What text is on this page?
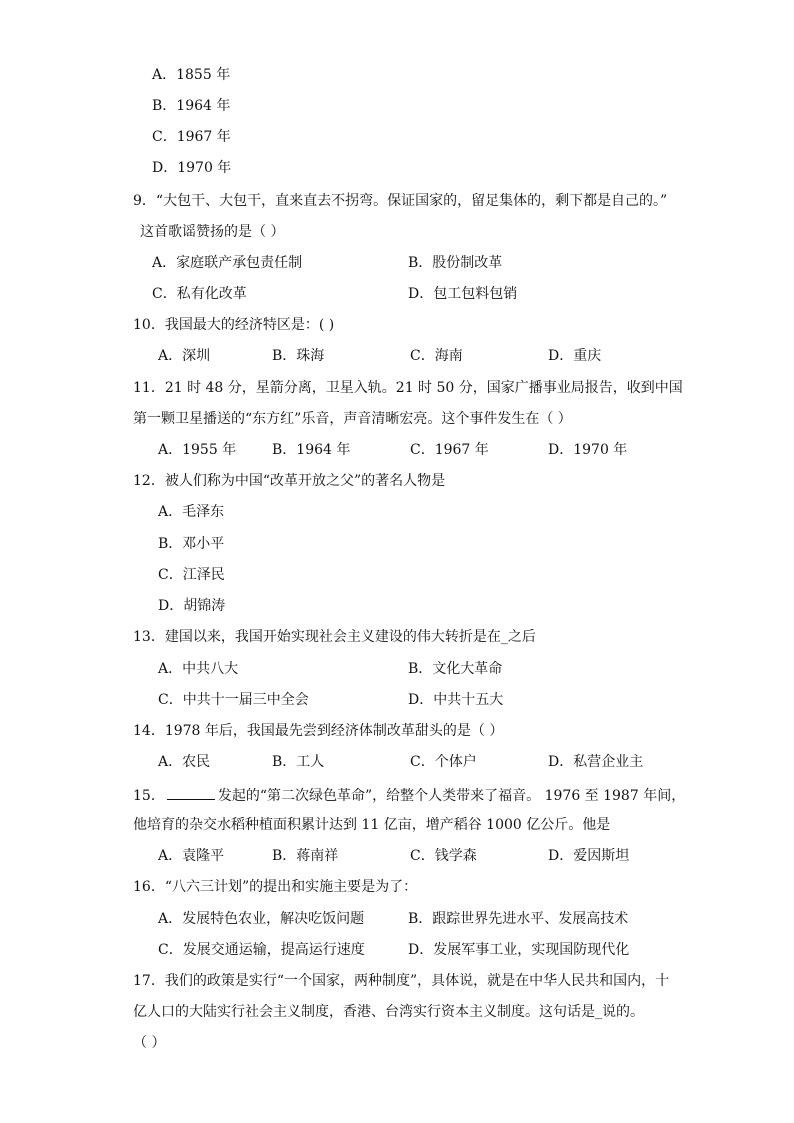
A．1855 年
B．1964 年
C．1967 年
D．1970 年
9．“大包干、大包干，直来直去不拐弯。保证国家的，留足集体的，剩下都是自己的。”
这首歌谣赞扬的是（ ）
A．家庭联产承包责任制	B．股份制改革
C．私有化改革	D．包工包料包销
10．我国最大的经济特区是：( )
A．深圳	B．珠海	C．海南	D．重庆
11．21 时 48 分，星箭分离，卫星入轨。21 时 50 分，国家广播事业局报告，收到中国
第一颗卫星播送的“东方红”乐音，声音清晰宏亮。这个事件发生在（ ）
A．1955 年	B．1964 年	C．1967 年	D．1970 年
12．被人们称为中国“改革开放之父”的著名人物是
A．毛泽东
B．邓小平
C．江泽民
D．胡锦涛
13．建国以来，我国开始实现社会主义建设的伟大转折是在_之后
A．中共八大	B．文化大革命
C．中共十一届三中全会	D．中共十五大
14．1978 年后，我国最先尝到经济体制改革甜头的是（ ）
A．农民	B．工人	C．个体户	D．私营企业主
15．	发起的“第二次绿色革命”，给整个人类带来了福音。 1976 至 1987 年间，
他培育的杂交水稻种植面积累计达到 11 亿亩，增产稻谷 1000 亿公斤。他是
A．袁隆平	B．蒋南祥	C．钱学森	D．爱因斯坦
16．“八六三计划”的提出和实施主要是为了：
A．发展特色农业，解决吃饭问题	B．跟踪世界先进水平、发展高技术
C．发展交通运输，提高运行速度	D．发展军事工业，实现国防现代化
17．我们的政策是实行“一个国家，两种制度”，具体说，就是在中华人民共和国内，十
亿人口的大陆实行社会主义制度，香港、台湾实行资本主义制度。这句话是_说的。
（ ）
